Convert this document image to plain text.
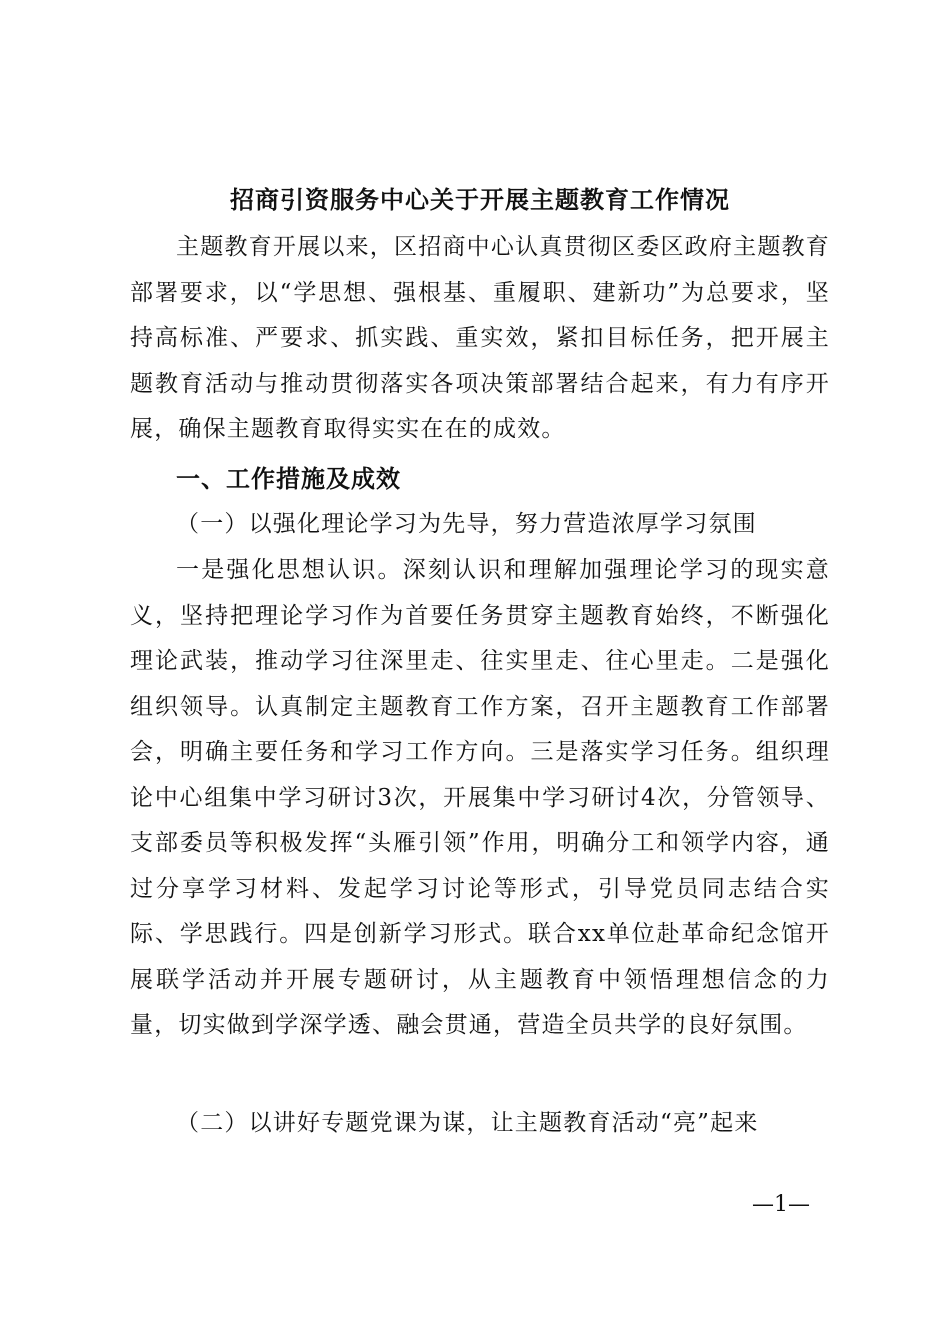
招商引资服务中心关于开展主题教育工作情况

主题教育开展以来，区招商中心认真贯彻区委区政府主题教育部署要求，以“学思想、强根基、重履职、建新功”为总要求，坚持高标准、严要求、抓实践、重实效，紧扣目标任务，把开展主题教育活动与推动贯彻落实各项决策部署结合起来，有力有序开展，确保主题教育取得实实在在的成效。

一、工作措施及成效
（一）以强化理论学习为先导，努力营造浓厚学习氛围

一是强化思想认识。深刻认识和理解加强理论学习的现实意义，坚持把理论学习作为首要任务贯穿主题教育始终，不断强化理论武装，推动学习往深里走、往实里走、往心里走。二是强化组织领导。认真制定主题教育工作方案，召开主题教育工作部署会，明确主要任务和学习工作方向。三是落实学习任务。组织理论中心组集中学习研讨3次，开展集中学习研讨4次，分管领导、支部委员等积极发挥“头雁引领”作用，明确分工和领学内容，通过分享学习材料、发起学习讨论等形式，引导党员同志结合实际、学思践行。四是创新学习形式。联合xx单位赴革命纪念馆开展联学活动并开展专题研讨，从主题教育中领悟理想信念的力量，切实做到学深学透、融会贯通，营造全员共学的良好氛围。

（二）以讲好专题党课为谋，让主题教育活动“亮”起来
—1—
